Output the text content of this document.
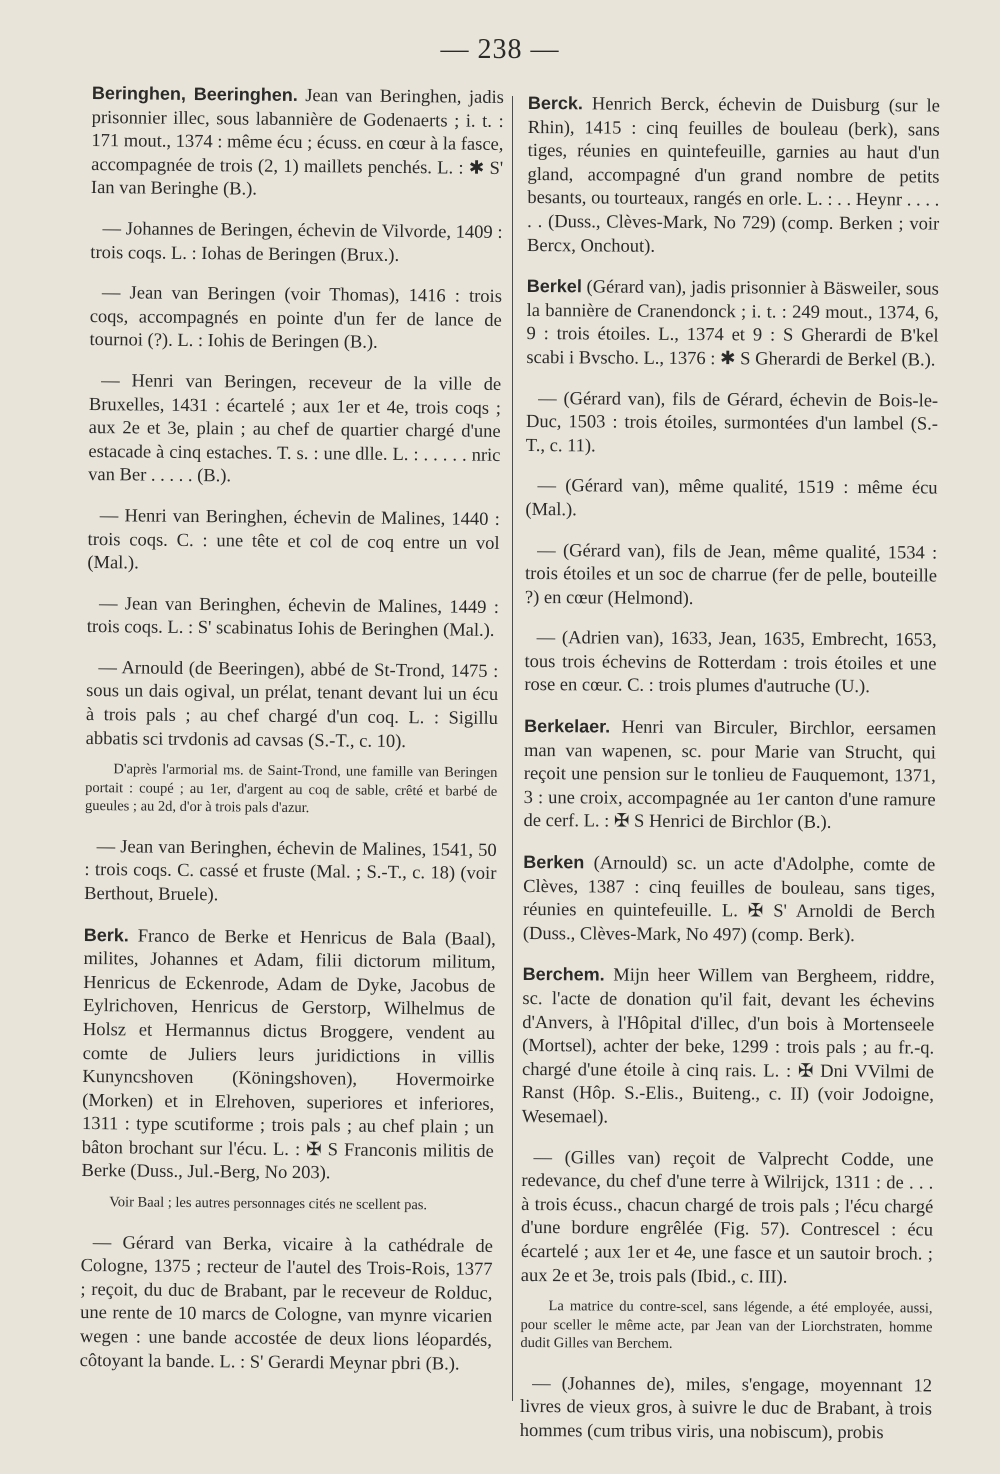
— 238 —

Beringhen, Beeringhen. Jean van Beringhen, jadis prisonnier illec, sous labannière de Godenaerts ; i. t. : 171 mout., 1374 : même écu ; écuss. en cœur à la fasce, accompagnée de trois (2, 1) maillets penchés. L. : ✱ S' Ian van Beringhe (B.).

— Johannes de Beringen, échevin de Vilvorde, 1409 : trois coqs. L. : Iohas de Beringen (Brux.).

— Jean van Beringen (voir Thomas), 1416 : trois coqs, accompagnés en pointe d'un fer de lance de tournoi (?). L. : Iohis de Beringen (B.).

— Henri van Beringen, receveur de la ville de Bruxelles, 1431 : écartelé ; aux 1er et 4e, trois coqs ; aux 2e et 3e, plain ; au chef de quartier chargé d'une estacade à cinq estaches. T. s. : une dlle. L. : . . . . . nric van Ber . . . . . (B.).

— Henri van Beringhen, échevin de Malines, 1440 : trois coqs. C. : une tête et col de coq entre un vol (Mal.).

— Jean van Beringhen, échevin de Malines, 1449 : trois coqs. L. : S' scabinatus Iohis de Beringhen (Mal.).

— Arnould (de Beeringen), abbé de St-Trond, 1475 : sous un dais ogival, un prélat, tenant devant lui un écu à trois pals ; au chef chargé d'un coq. L. : Sigillu abbatis sci trvdonis ad cavsas (S.-T., c. 10).

D'après l'armorial ms. de Saint-Trond, une famille van Beringen portait : coupé ; au 1er, d'argent au coq de sable, crêté et barbé de gueules ; au 2d, d'or à trois pals d'azur.

— Jean van Beringhen, échevin de Malines, 1541, 50 : trois coqs. C. cassé et fruste (Mal. ; S.-T., c. 18) (voir Berthout, Bruele).

Berk. Franco de Berke et Henricus de Bala (Baal), milites, Johannes et Adam, filii dictorum militum, Henricus de Eckenrode, Adam de Dyke, Jacobus de Eylrichoven, Henricus de Gerstorp, Wilhelmus de Holsz et Hermannus dictus Broggere, vendent au comte de Juliers leurs juridictions in villis Kunyncshoven (Köningshoven), Hovermoirke (Morken) et in Elrehoven, superiores et inferiores, 1311 : type scutiforme ; trois pals ; au chef plain ; un bâton brochant sur l'écu. L. : ✠ S Franconis militis de Berke (Duss., Jul.-Berg, No 203).

Voir Baal ; les autres personnages cités ne scellent pas.

— Gérard van Berka, vicaire à la cathédrale de Cologne, 1375 ; recteur de l'autel des Trois-Rois, 1377 ; reçoit, du duc de Brabant, par le receveur de Rolduc, une rente de 10 marcs de Cologne, van mynre vicarien wegen : une bande accostée de deux lions léopardés, côtoyant la bande. L. : S' Gerardi Meynar pbri (B.).

Berck. Henrich Berck, échevin de Duisburg (sur le Rhin), 1415 : cinq feuilles de bouleau (berk), sans tiges, réunies en quintefeuille, garnies au haut d'un gland, accompagné d'un grand nombre de petits besants, ou tourteaux, rangés en orle. L. : . . Heynr . . . . . . (Duss., Clèves-Mark, No 729) (comp. Berken ; voir Bercx, Onchout).

Berkel (Gérard van), jadis prisonnier à Bäsweiler, sous la bannière de Cranendonck ; i. t. : 249 mout., 1374, 6, 9 : trois étoiles. L., 1374 et 9 : S Gherardi de B'kel scabi i Bvscho. L., 1376 : ✱ S Gherardi de Berkel (B.).

— (Gérard van), fils de Gérard, échevin de Bois-le-Duc, 1503 : trois étoiles, surmontées d'un lambel (S.-T., c. 11).

— (Gérard van), même qualité, 1519 : même écu (Mal.).

— (Gérard van), fils de Jean, même qualité, 1534 : trois étoiles et un soc de charrue (fer de pelle, bouteille ?) en cœur (Helmond).

— (Adrien van), 1633, Jean, 1635, Embrecht, 1653, tous trois échevins de Rotterdam : trois étoiles et une rose en cœur. C. : trois plumes d'autruche (U.).

Berkelaer. Henri van Birculer, Birchlor, eersamen man van wapenen, sc. pour Marie van Strucht, qui reçoit une pension sur le tonlieu de Fauquemont, 1371, 3 : une croix, accompagnée au 1er canton d'une ramure de cerf. L. : ✠ S Henrici de Birchlor (B.).

Berken (Arnould) sc. un acte d'Adolphe, comte de Clèves, 1387 : cinq feuilles de bouleau, sans tiges, réunies en quintefeuille. L. ✠ S' Arnoldi de Berch (Duss., Clèves-Mark, No 497) (comp. Berk).

Berchem. Mijn heer Willem van Bergheem, riddre, sc. l'acte de donation qu'il fait, devant les échevins d'Anvers, à l'Hôpital d'illec, d'un bois à Mortenseele (Mortsel), achter der beke, 1299 : trois pals ; au fr.-q. chargé d'une étoile à cinq rais. L. : ✠ Dni VVilmi de Ranst (Hôp. S.-Elis., Buiteng., c. II) (voir Jodoigne, Wesemael).

— (Gilles van) reçoit de Valprecht Codde, une redevance, du chef d'une terre à Wilrijck, 1311 : de . . . à trois écuss., chacun chargé de trois pals ; l'écu chargé d'une bordure engrêlée (Fig. 57). Contrescel : écu écartelé ; aux 1er et 4e, une fasce et un sautoir broch. ; aux 2e et 3e, trois pals (Ibid., c. III).

La matrice du contre-scel, sans légende, a été employée, aussi, pour sceller le même acte, par Jean van der Liorchstraten, homme dudit Gilles van Berchem.

— (Johannes de), miles, s'engage, moyennant 12 livres de vieux gros, à suivre le duc de Brabant, à trois hommes (cum tribus viris, una nobiscum), probis
